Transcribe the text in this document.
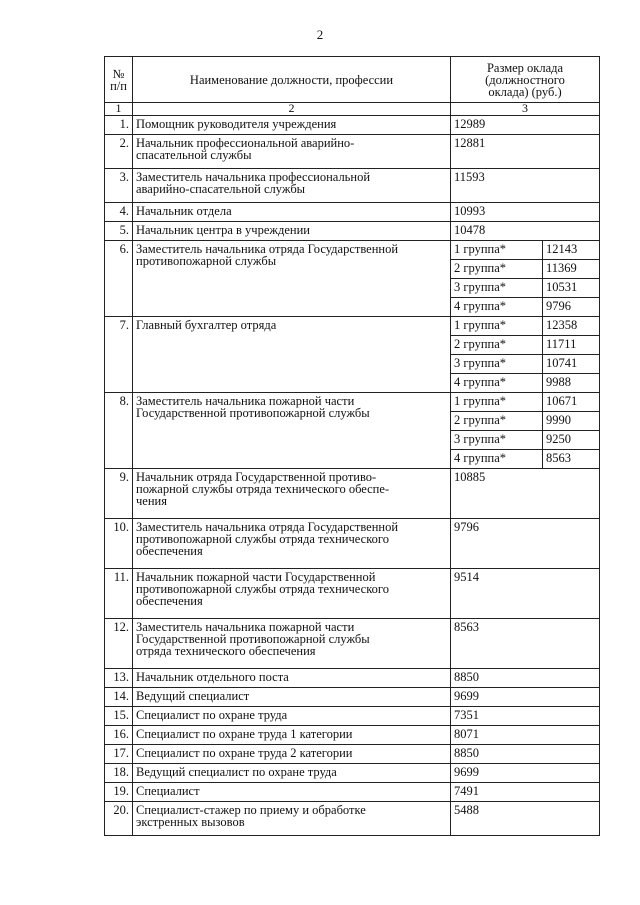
2
№
п/п	Наименование должности, профессии	Размер оклада
(должностного
оклада) (руб.)	
1	2	3	
1.	Помощник руководителя учреждения	12989	
2.	Начальник профессиональной аварийно-
спасательной службы	12881	
3.	Заместитель начальника профессиональной
аварийно-спасательной службы	11593	
4.	Начальник отдела	10993	
5.	Начальник центра в учреждении	10478	
6.	Заместитель начальника отряда Государственной
противопожарной службы	1 группа*	12143
		2 группа*	11369
		3 группа*	10531
		4 группа*	9796
7.	Главный бухгалтер отряда	1 группа*	12358
		2 группа*	11711
		3 группа*	10741
		4 группа*	9988
8.	Заместитель начальника пожарной части
Государственной противопожарной службы	1 группа*	10671
		2 группа*	9990
		3 группа*	9250
		4 группа*	8563
9.	Начальник отряда Государственной противо-
пожарной службы отряда технического обеспе-
чения	10885	
10.	Заместитель начальника отряда Государственной
противопожарной службы отряда технического
обеспечения	9796	
11.	Начальник пожарной части Государственной
противопожарной службы отряда технического
обеспечения	9514	
12.	Заместитель начальника пожарной части
Государственной противопожарной службы
отряда технического обеспечения	8563	
13.	Начальник отдельного поста	8850	
14.	Ведущий специалист	9699	
15.	Специалист по охране труда	7351	
16.	Специалист по охране труда 1 категории	8071	
17.	Специалист по охране труда 2 категории	8850	
18.	Ведущий специалист по охране труда	9699	
19.	Специалист	7491	
20.	Специалист-стажер по приему и обработке
экстренных вызовов	5488	
